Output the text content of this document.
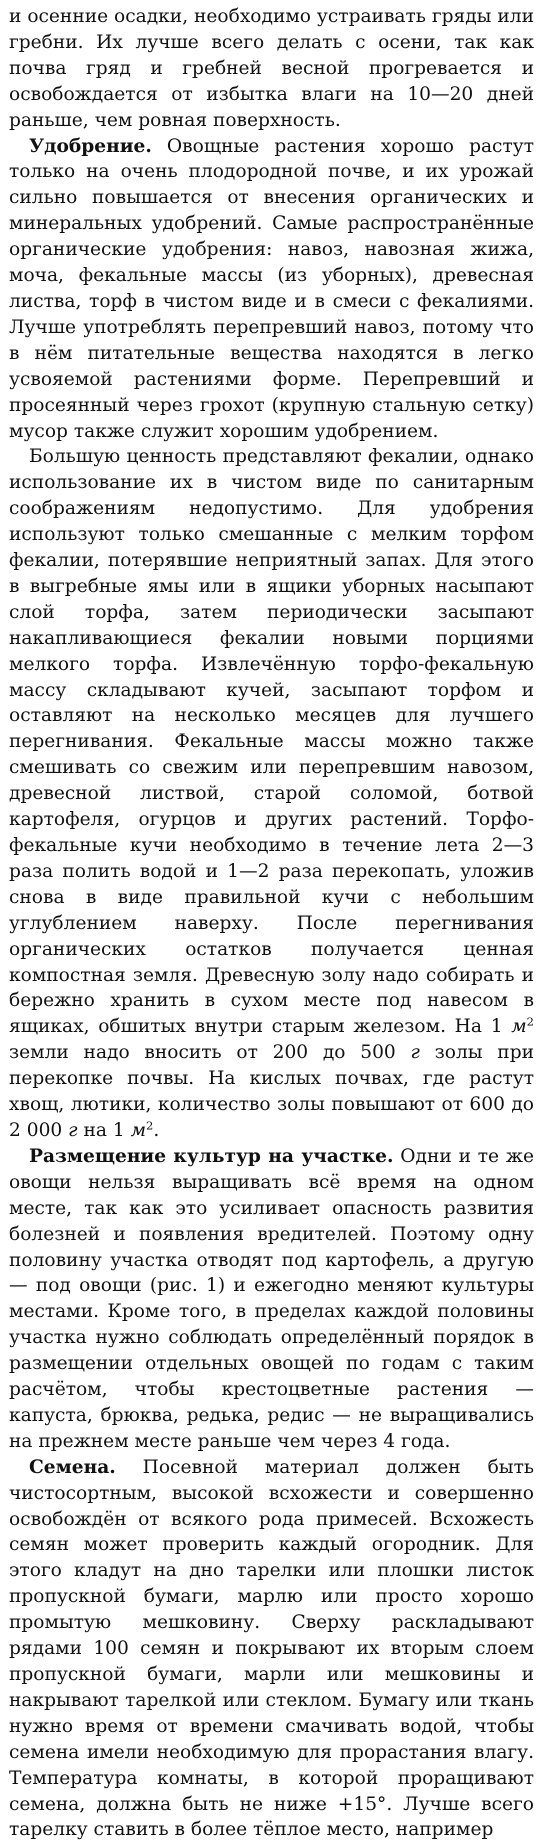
и осенние осадки, необходимо устраивать гряды или гребни. Их лучше всего делать с осени, так как почва гряд и гребней весной прогревается и освобождается от избытка влаги на 10—20 дней раньше, чем ровная поверхность.

Удобрение. Овощные растения хорошо растут только на очень плодородной почве, и их урожай сильно повышается от внесения органических и минеральных удобрений. Самые распространённые органические удобрения: навоз, навозная жижа, моча, фекальные массы (из уборных), древесная листва, торф в чистом виде и в смеси с фекалиями. Лучше употреблять перепревший навоз, потому что в нём питательные вещества находятся в легко усвояемой растениями форме. Перепревший и просеянный через грохот (крупную стальную сетку) мусор также служит хорошим удобрением.

Большую ценность представляют фекалии, однако использование их в чистом виде по санитарным соображениям недопустимо. Для удобрения используют только смешанные с мелким торфом фекалии, потерявшие неприятный запах. Для этого в выгребные ямы или в ящики уборных насыпают слой торфа, затем периодически засыпают накапливающиеся фекалии новыми порциями мелкого торфа. Извлечённую торфо-фекальную массу складывают кучей, засыпают торфом и оставляют на несколько месяцев для лучшего перегнивания. Фекальные массы можно также смешивать со свежим или перепревшим навозом, древесной листвой, старой соломой, ботвой картофеля, огурцов и других растений. Торфо-фекальные кучи необходимо в течение лета 2—3 раза полить водой и 1—2 раза перекопать, уложив снова в виде правильной кучи с небольшим углублением наверху. После перегнивания органических остатков получается ценная компостная земля. Древесную золу надо собирать и бережно хранить в сухом месте под навесом в ящиках, обшитых внутри старым железом. На 1 $м^2$ земли надо вносить от 200 до 500 г золы при перекопке почвы. На кислых почвах, где растут хвощ, лютики, количество золы повышают от 600 до 2 000 г на 1 $м^2$.

Размещение культур на участке. Одни и те же овощи нельзя выращивать всё время на одном месте, так как это усиливает опасность развития болезней и появления вредителей. Поэтому одну половину участка отводят под картофель, а другую — под овощи (рис. 1) и ежегодно меняют культуры местами. Кроме того, в пределах каждой половины участка нужно соблюдать определённый порядок в размещении отдельных овощей по годам с таким расчётом, чтобы крестоцветные растения — капуста, брюква, редька, редис — не выращивались на прежнем месте раньше чем через 4 года.

Семена. Посевной материал должен быть чистосортным, высокой всхожести и совершенно освобождён от всякого рода примесей. Всхожесть семян может проверить каждый огородник. Для этого кладут на дно тарелки или плошки листок пропускной бумаги, марлю или просто хорошо промытую мешковину. Сверху раскладывают рядами 100 семян и покрывают их вторым слоем пропускной бумаги, марли или мешковины и накрывают тарелкой или стеклом. Бумагу или ткань нужно время от времени смачивать водой, чтобы семена имели необходимую для прорастания влагу. Температура комнаты, в которой проращивают семена, должна быть не ниже +15°. Лучше всего тарелку ставить в более тёплое место, например
